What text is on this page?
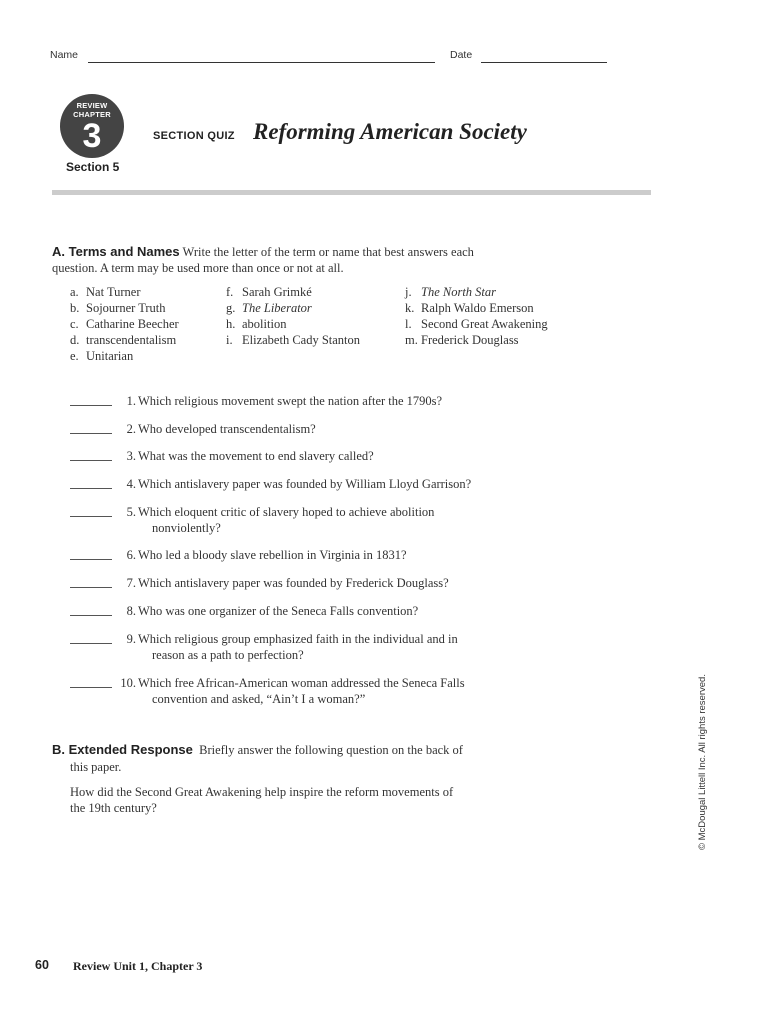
Name	Date
REVIEW
CHAPTER
3	SECTION QUIZ Reforming American Society
Section 5
A. Terms and Names Write the letter of the term or name that best answers each
question. A term may be used more than once or not at all.
a. Nat Turner
b. Sojourner Truth
c. Catharine Beecher
d. transcendentalism
e. Unitarian
f. Sarah Grimké
g. The Liberator
h. abolition
i. Elizabeth Cady Stanton
j. The North Star
k. Ralph Waldo Emerson
l. Second Great Awakening
m. Frederick Douglass
1. Which religious movement swept the nation after the 1790s?
2. Who developed transcendentalism?
3. What was the movement to end slavery called?
4. Which antislavery paper was founded by William Lloyd Garrison?
5. Which eloquent critic of slavery hoped to achieve abolition
nonviolently?
6. Who led a bloody slave rebellion in Virginia in 1831?
7. Which antislavery paper was founded by Frederick Douglass?
8. Who was one organizer of the Seneca Falls convention?
9. Which religious group emphasized faith in the individual and in
reason as a path to perfection?
10. Which free African-American woman addressed the Seneca Falls
convention and asked, “Ain’t I a woman?”
B. Extended Response Briefly answer the following question on the back of
this paper.
How did the Second Great Awakening help inspire the reform movements of
the 19th century?	© McDougal Littell Inc. All rights reserved.
60 Review Unit 1, Chapter 3
